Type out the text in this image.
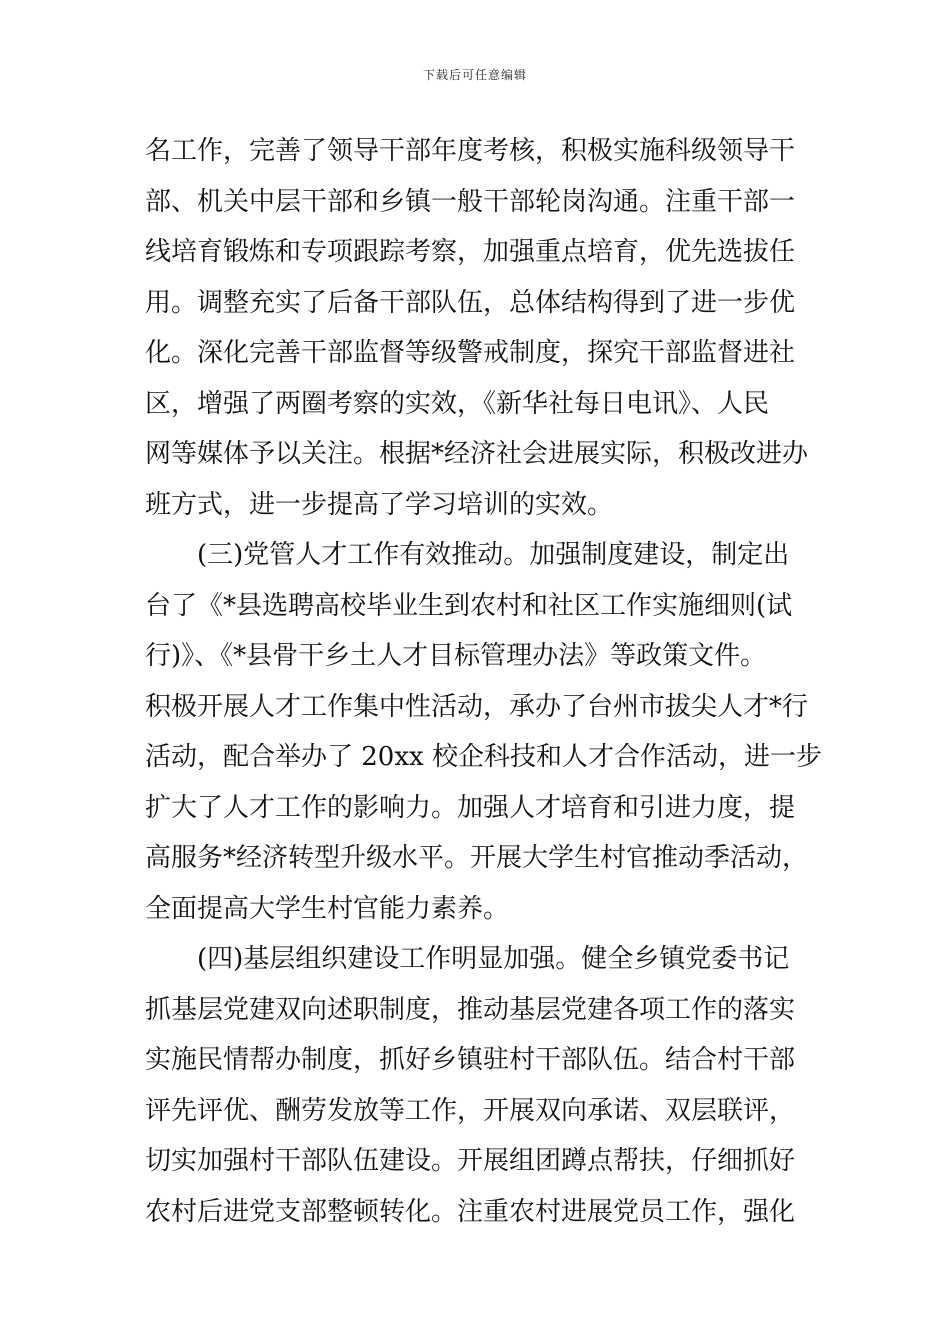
下载后可任意编辑
名工作，完善了领导干部年度考核，积极实施科级领导干
部、机关中层干部和乡镇一般干部轮岗沟通。注重干部一
线培育锻炼和专项跟踪考察，加强重点培育，优先选拔任
用。调整充实了后备干部队伍，总体结构得到了进一步优
化。深化完善干部监督等级警戒制度，探究干部监督进社
区，增强了两圈考察的实效，《新华社每日电讯》、人民
网等媒体予以关注。根据*经济社会进展实际，积极改进办
班方式，进一步提高了学习培训的实效。
(三)党管人才工作有效推动。加强制度建设，制定出
台了《*县选聘高校毕业生到农村和社区工作实施细则(试
行)》、《*县骨干乡土人才目标管理办法》等政策文件。
积极开展人才工作集中性活动，承办了台州市拔尖人才*行
活动，配合举办了 20xx 校企科技和人才合作活动，进一步
扩大了人才工作的影响力。加强人才培育和引进力度，提
高服务*经济转型升级水平。开展大学生村官推动季活动，
全面提高大学生村官能力素养。
(四)基层组织建设工作明显加强。健全乡镇党委书记
抓基层党建双向述职制度，推动基层党建各项工作的落实
实施民情帮办制度，抓好乡镇驻村干部队伍。结合村干部
评先评优、酬劳发放等工作，开展双向承诺、双层联评，
切实加强村干部队伍建设。开展组团蹲点帮扶，仔细抓好
农村后进党支部整顿转化。注重农村进展党员工作，强化
